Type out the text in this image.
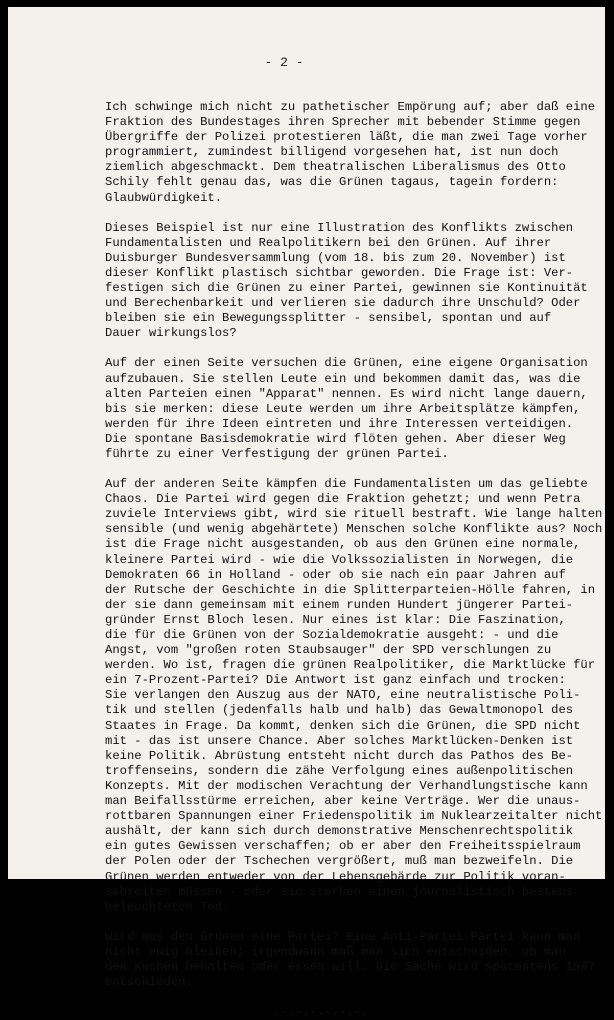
- 2 -
Ich schwinge mich nicht zu pathetischer Empörung auf; aber daß eine
Fraktion des Bundestages ihren Sprecher mit bebender Stimme gegen
Übergriffe der Polizei protestieren läßt, die man zwei Tage vorher
programmiert, zumindest billigend vorgesehen hat, ist nun doch
ziemlich abgeschmackt. Dem theatralischen Liberalismus des Otto
Schily fehlt genau das, was die Grünen tagaus, tagein fordern:
Glaubwürdigkeit.
Dieses Beispiel ist nur eine Illustration des Konflikts zwischen
Fundamentalisten und Realpolitikern bei den Grünen. Auf ihrer
Duisburger Bundesversammlung (vom 18. bis zum 20. November) ist
dieser Konflikt plastisch sichtbar geworden. Die Frage ist: Ver-
festigen sich die Grünen zu einer Partei, gewinnen sie Kontinuität
und Berechenbarkeit und verlieren sie dadurch ihre Unschuld? Oder
bleiben sie ein Bewegungssplitter - sensibel, spontan und auf
Dauer wirkungslos?
Auf der einen Seite versuchen die Grünen, eine eigene Organisation
aufzubauen. Sie stellen Leute ein und bekommen damit das, was die
alten Parteien einen "Apparat" nennen. Es wird nicht lange dauern,
bis sie merken: diese Leute werden um ihre Arbeitsplätze kämpfen,
werden für ihre Ideen eintreten und ihre Interessen verteidigen.
Die spontane Basisdemokratie wird flöten gehen. Aber dieser Weg
führte zu einer Verfestigung der grünen Partei.
Auf der anderen Seite kämpfen die Fundamentalisten um das geliebte
Chaos. Die Partei wird gegen die Fraktion gehetzt; und wenn Petra
zuviele Interviews gibt, wird sie rituell bestraft. Wie lange halten
sensible (und wenig abgehärtete) Menschen solche Konflikte aus? Noch
ist die Frage nicht ausgestanden, ob aus den Grünen eine normale,
kleinere Partei wird - wie die Volkssozialisten in Norwegen, die
Demokraten 66 in Holland - oder ob sie nach ein paar Jahren auf
der Rutsche der Geschichte in die Splitterparteien-Hölle fahren, in
der sie dann gemeinsam mit einem runden Hundert jüngerer Partei-
gründer Ernst Bloch lesen. Nur eines ist klar: Die Faszination,
die für die Grünen von der Sozialdemokratie ausgeht: - und die
Angst, vom "großen roten Staubsauger" der SPD verschlungen zu
werden. Wo ist, fragen die grünen Realpolitiker, die Marktlücke für
ein 7-Prozent-Partei? Die Antwort ist ganz einfach und trocken:
Sie verlangen den Auszug aus der NATO, eine neutralistische Poli-
tik und stellen (jedenfalls halb und halb) das Gewaltmonopol des
Staates in Frage. Da kommt, denken sich die Grünen, die SPD nicht
mit - das ist unsere Chance. Aber solches Marktlücken-Denken ist
keine Politik. Abrüstung entsteht nicht durch das Pathos des Be-
troffenseins, sondern die zähe Verfolgung eines außenpolitischen
Konzepts. Mit der modischen Verachtung der Verhandlungstische kann
man Beifallsstürme erreichen, aber keine Verträge. Wer die unaus-
rottbaren Spannungen einer Friedenspolitik im Nuklearzeitalter nicht
aushält, der kann sich durch demonstrative Menschenrechtspolitik
ein gutes Gewissen verschaffen; ob er aber den Freiheitsspielraum
der Polen oder der Tschechen vergrößert, muß man bezweifeln. Die
Grünen werden entweder von der Lebensgebärde zur Politik voran-
schreiten müssen - oder sie sterben einen journalistisch bestens
beleuchteten Tod.
Wird aus den Grünen eine Partei? Eine Anti-Partei-Partei kann man
nicht ewig bleiben; irgendwann muß man sich entscheiden, ob man
den Kuchen behalten oder essen will. Die Sache wird spätestens 1987
entschieden.
.-.-.-.-.-.-.
